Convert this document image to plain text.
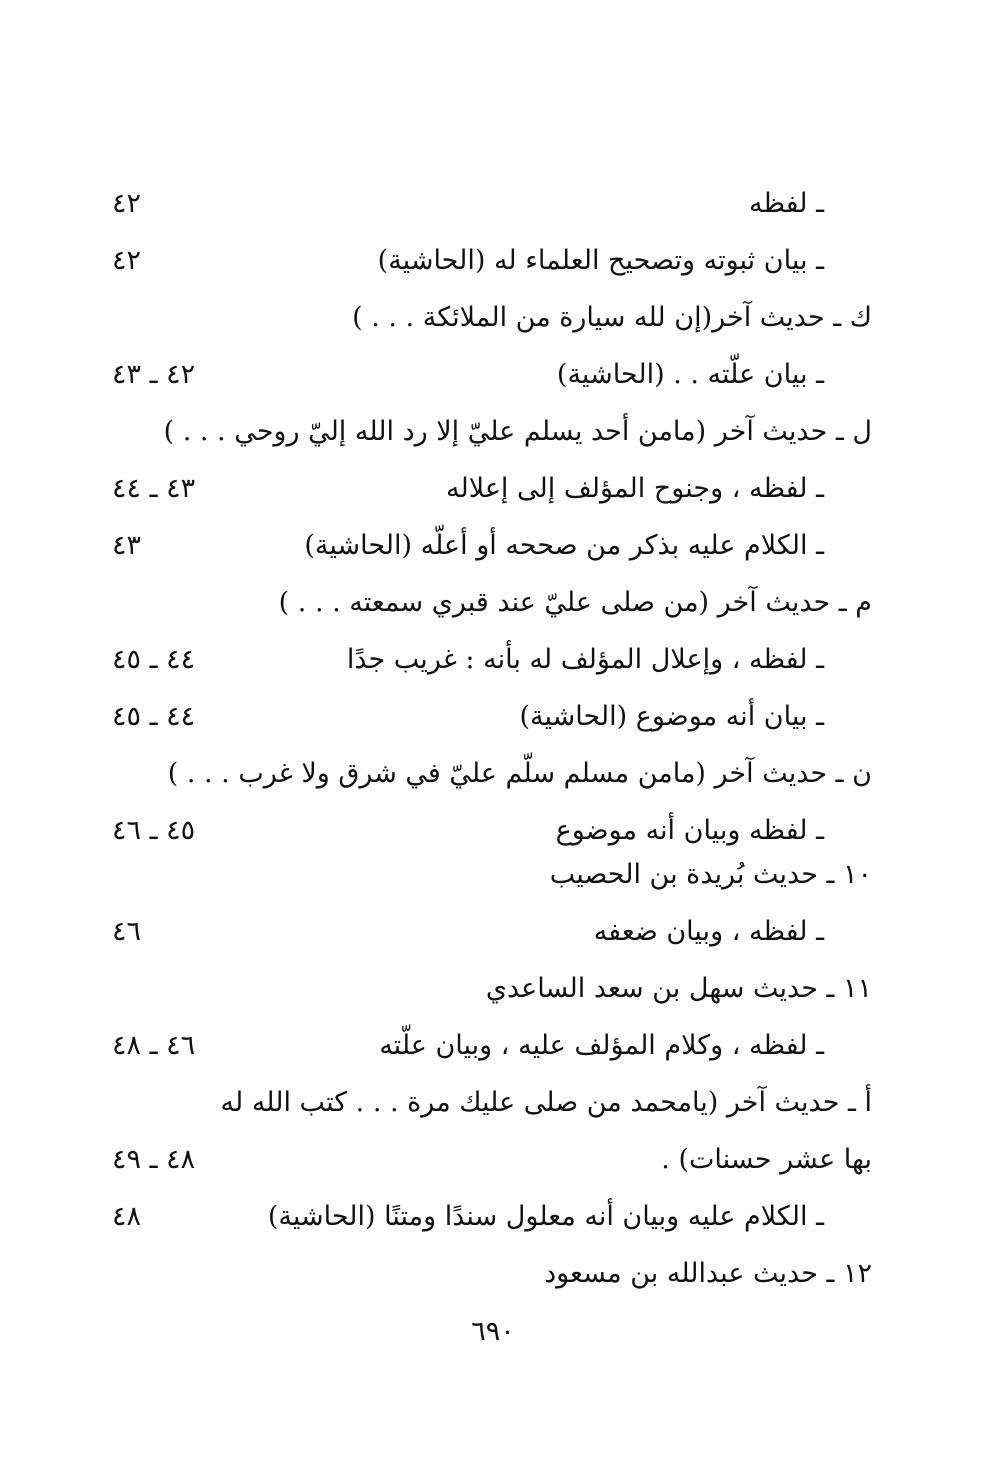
ـ لفظه
٤٢
ـ بيان ثبوته وتصحيح العلماء له (الحاشية)
٤٢
ك ـ حديث آخر(إن لله سيارة من الملائكة . . . )
ـ بيان علّته . . (الحاشية)
٤٢ ـ ٤٣
ل ـ حديث آخر (مامن أحد يسلم عليّ إلا رد الله إليّ روحي . . . )
ـ لفظه ، وجنوح المؤلف إلى إعلاله
٤٣ ـ ٤٤
ـ الكلام عليه بذكر من صححه أو أعلّه (الحاشية)
٤٣
م ـ حديث آخر (من صلى عليّ عند قبري سمعته . . . )
ـ لفظه ، وإعلال المؤلف له بأنه : غريب جدًا
٤٤ ـ ٤٥
ـ بيان أنه موضوع (الحاشية)
٤٤ ـ ٤٥
ن ـ حديث آخر (مامن مسلم سلّم عليّ في شرق ولا غرب . . . )
ـ لفظه وبيان أنه موضوع
٤٥ ـ ٤٦
١٠ ـ حديث بُريدة بن الحصيب
ـ لفظه ، وبيان ضعفه
٤٦
١١ ـ حديث سهل بن سعد الساعدي
ـ لفظه ، وكلام المؤلف عليه ، وبيان علّته
٤٦ ـ ٤٨
أ ـ حديث آخر (يامحمد من صلى عليك مرة . . . كتب الله له
بها عشر حسنات) .
٤٨ ـ ٤٩
ـ الكلام عليه وبيان أنه معلول سندًا ومتنًا (الحاشية)
٤٨
١٢ ـ حديث عبدالله بن مسعود
٦٩٠
